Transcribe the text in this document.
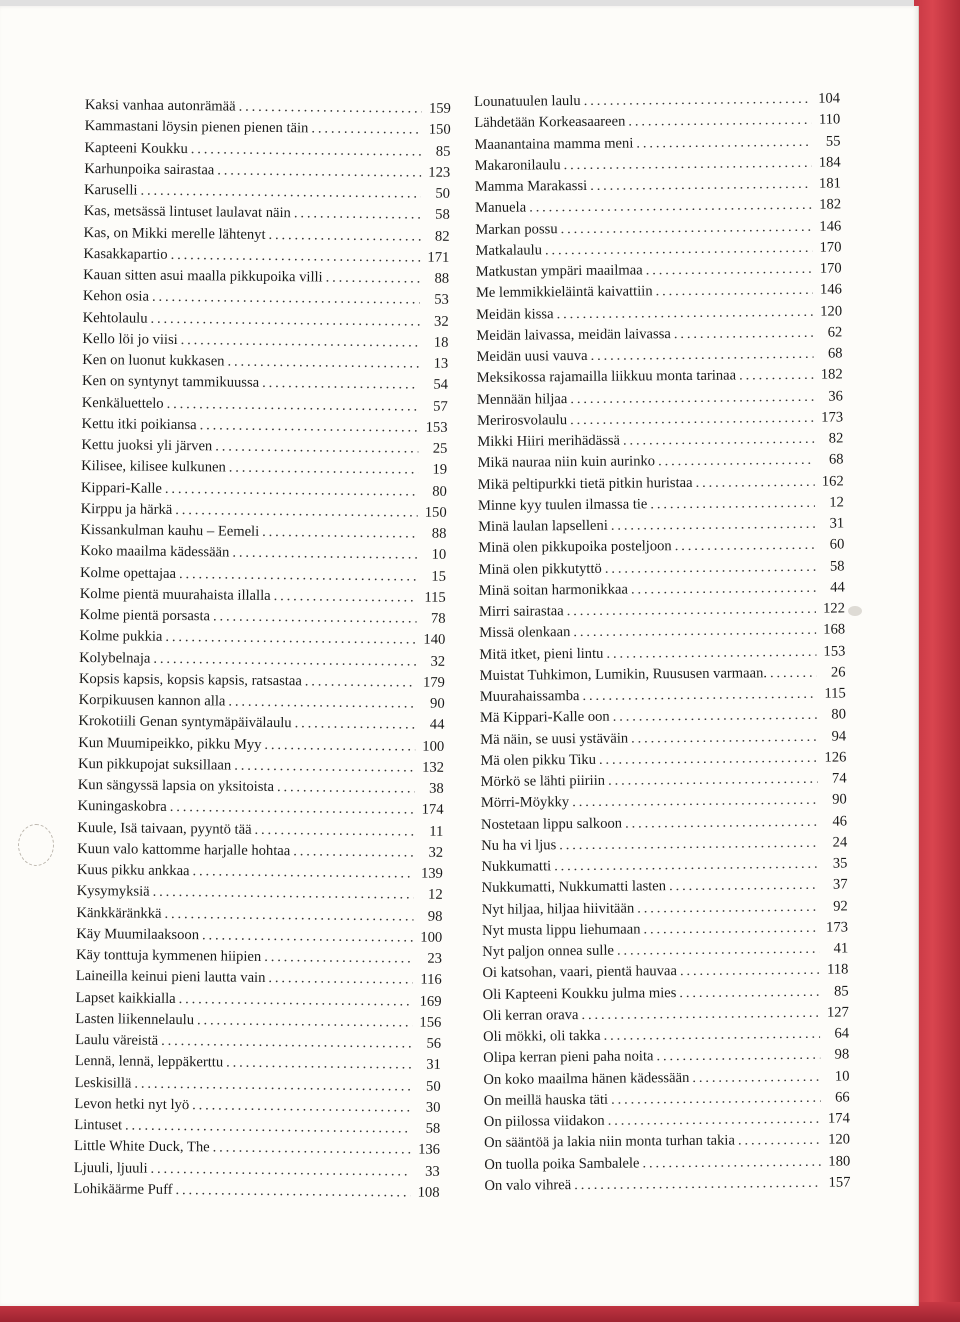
Kaksi vanhaa autonrämää . . .	159
Kammastani löysin pienen pienen täin . . .	150
Kapteeni Koukku . . .	85
Karhunpoika sairastaa . . .	123
Karuselli . . .	50
Kas, metsässä lintuset laulavat näin . . .	58
Kas, on Mikki merelle lähtenyt . . .	82
Kasakkapartio . . .	171
Kauan sitten asui maalla pikkupoika villi . . .	88
Kehon osia . . .	53
Kehtolaulu . . .	32
Kello löi jo viisi . . .	18
Ken on luonut kukkasen . . .	13
Ken on syntynyt tammikuussa . . .	54
Kenkäluettelo . . .	57
Kettu itki poikiansa . . .	153
Kettu juoksi yli järven . . .	25
Kilisee, kilisee kulkunen . . .	19
Kippari-Kalle . . .	80
Kirppu ja härkä . . .	150
Kissankulman kauhu – Eemeli . . .	88
Koko maailma kädessään . . .	10
Kolme opettajaa . . .	15
Kolme pientä muurahaista illalla . . .	115
Kolme pientä porsasta . . .	78
Kolme pukkia . . .	140
Kolybelnaja . . .	32
Kopsis kapsis, kopsis kapsis, ratsastaa . . .	179
Korpikuusen kannon alla . . .	90
Krokotiili Genan syntymäpäivälaulu . . .	44
Kun Muumipeikko, pikku Myy . . .	100
Kun pikkupojat suksillaan . . .	132
Kun sängyssä lapsia on yksitoista . . .	38
Kuningaskobra . . .	174
Kuule, Isä taivaan, pyyntö tää . . .	11
Kuun valo kattomme harjalle hohtaa . . .	32
Kuus pikku ankkaa . . .	139
Kysymyksiä . . .	12
Känkkäränkkä . . .	98
Käy Muumilaaksoon . . .	100
Käy tonttuja kymmenen hiipien . . .	23
Laineilla keinui pieni lautta vain . . .	116
Lapset kaikkialla . . .	169
Lasten liikennelaulu . . .	156
Laulu väreistä . . .	56
Lennä, lennä, leppäkerttu . . .	31
Leskisillä . . .	50
Levon hetki nyt lyö . . .	30
Lintuset . . .	58
Little White Duck, The . . .	136
Ljuuli, ljuuli . . .	33
Lohikäärme Puff . . .	108
Lounatuulen laulu . . .	104
Lähdetään Korkeasaareen . . .	110
Maanantaina mamma meni . . .	55
Makaronilaulu . . .	184
Mamma Marakassi . . .	181
Manuela . . .	182
Markan possu . . .	146
Matkalaulu . . .	170
Matkustan ympäri maailmaa . . .	170
Me lemmikkieläintä kaivattiin . . .	146
Meidän kissa . . .	120
Meidän laivassa, meidän laivassa . . .	62
Meidän uusi vauva . . .	68
Meksikossa rajamailla liikkuu monta tarinaa . . .	182
Mennään hiljaa . . .	36
Merirosvolaulu . . .	173
Mikki Hiiri merihädässä . . .	82
Mikä nauraa niin kuin aurinko . . .	68
Mikä peltipurkki tietä pitkin huristaa . . .	162
Minne kyy tuulen ilmassa tie . . .	12
Minä laulan lapselleni . . .	31
Minä olen pikkupoika posteljoon . . .	60
Minä olen pikkutyttö . . .	58
Minä soitan harmonikkaa . . .	44
Mirri sairastaa . . .	122
Missä olenkaan . . .	168
Mitä itket, pieni lintu . . .	153
Muistat Tuhkimon, Lumikin, Ruususen varmaan. . . .	26
Muurahaissamba . . .	115
Mä Kippari-Kalle oon . . .	80
Mä näin, se uusi ystäväin . . .	94
Mä olen pikku Tiku . . .	126
Mörkö se lähti piiriin . . .	74
Mörri-Möykky . . .	90
Nostetaan lippu salkoon . . .	46
Nu ha vi ljus . . .	24
Nukkumatti . . .	35
Nukkumatti, Nukkumatti lasten . . .	37
Nyt hiljaa, hiljaa hiivitään . . .	92
Nyt musta lippu liehumaan . . .	173
Nyt paljon onnea sulle . . .	41
Oi katsohan, vaari, pientä hauvaa . . .	118
Oli Kapteeni Koukku julma mies . . .	85
Oli kerran orava . . .	127
Oli mökki, oli takka . . .	64
Olipa kerran pieni paha noita . . .	98
On koko maailma hänen kädessään . . .	10
On meillä hauska täti . . .	66
On piilossa viidakon . . .	174
On sääntöä ja lakia niin monta turhan takia . . .	120
On tuolla poika Sambalele . . .	180
On valo vihreä . . .	157
